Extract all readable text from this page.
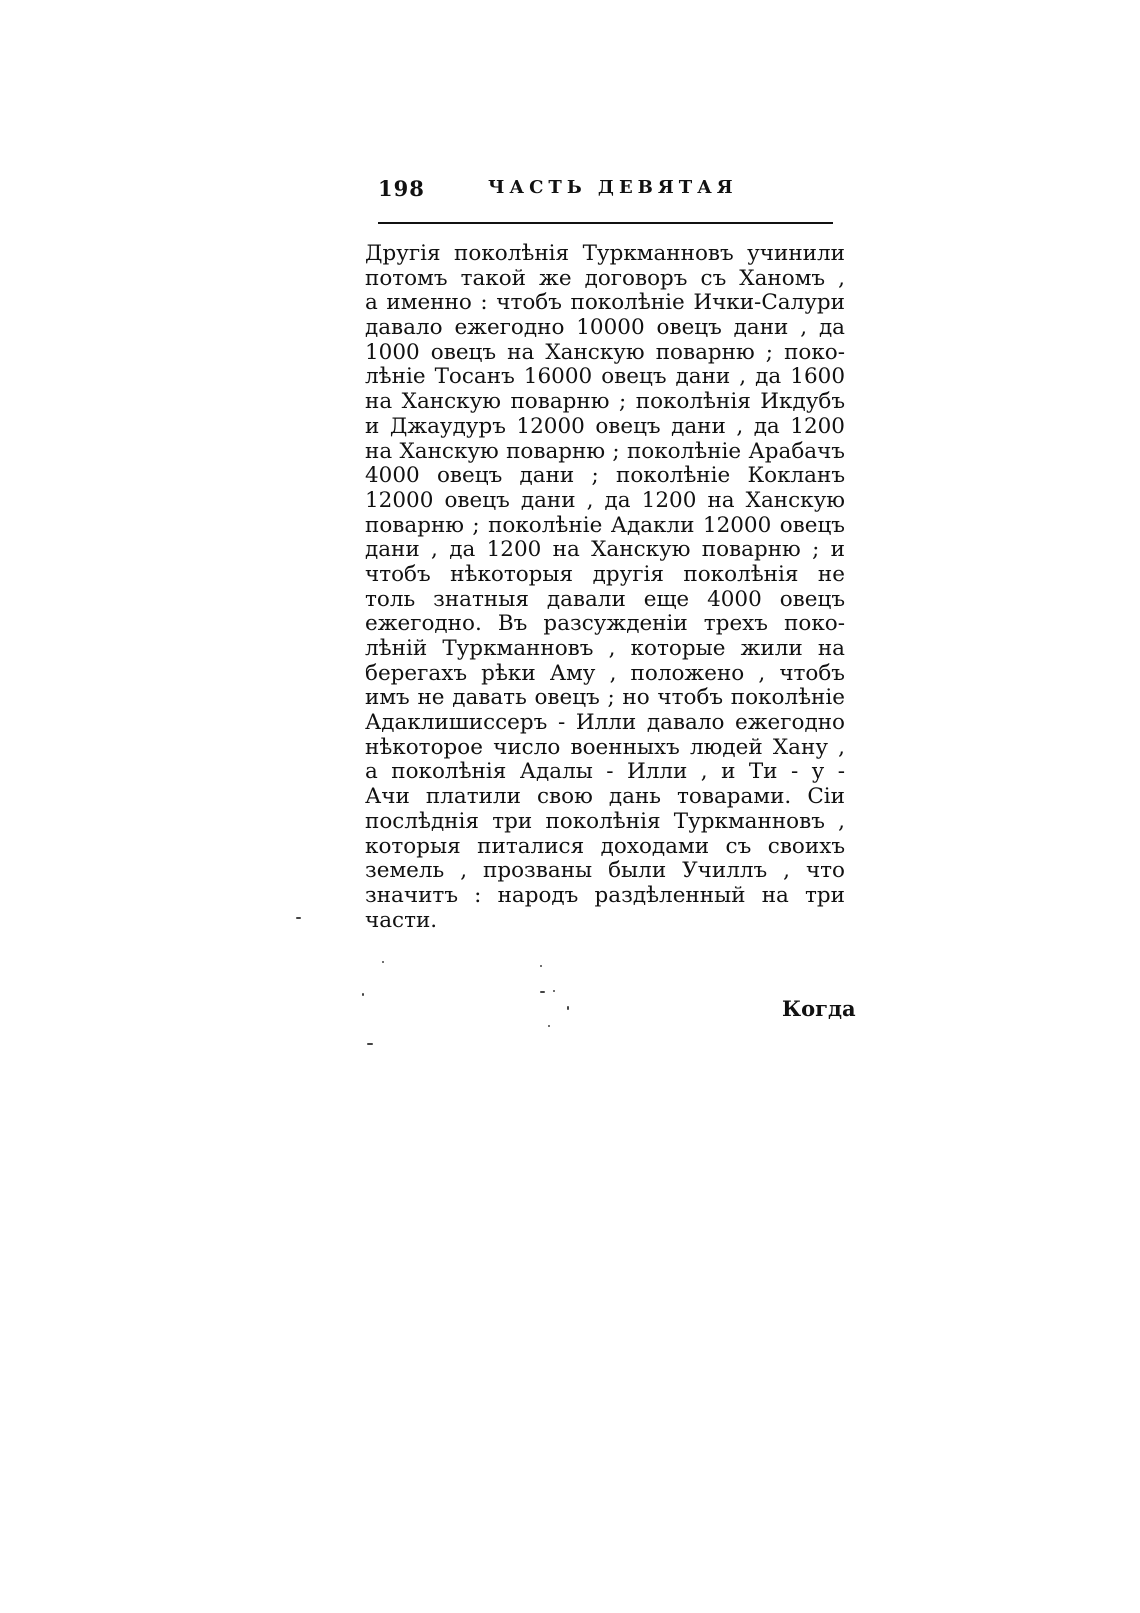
198	ЧАСТЬ ДЕВЯТАЯ
Другія поколѣнія Туркманновъ учинили
потомъ такой же договоръ съ Ханомъ ,
а именно : чтобъ поколѣніе Ички-Салури
давало ежегодно 10000 овецъ дани , да
1000 овецъ на Ханскую поварню ; поко-
лѣніе Тосанъ 16000 овецъ дани , да 1600
на Ханскую поварню ; поколѣнія Икдубъ
и Джаудуръ 12000 овецъ дани , да 1200
на Ханскую поварню ; поколѣніе Арабачъ
4000 овецъ дани ; поколѣніе Кокланъ
12000 овецъ дани , да 1200 на Ханскую
поварню ; поколѣніе Адакли 12000 овецъ
дани , да 1200 на Ханскую поварню ; и
чтобъ нѣкоторыя другія поколѣнія не
толь знатныя давали еще 4000 овецъ
ежегодно. Въ разсужденіи трехъ поко-
лѣній Туркманновъ , которые жили на
берегахъ рѣки Аму , положено , чтобъ
имъ не давать овецъ ; но чтобъ поколѣніе
Адаклишиссеръ - Илли давало ежегодно
нѣкоторое число военныхъ людей Хану ,
а поколѣнія Адалы - Илли , и Ти - у -
Ачи платили свою дань товарами. Сіи
послѣднія три поколѣнія Туркманновъ ,
которыя питалися доходами съ своихъ
земель , прозваны были Училлъ , что
значитъ : народъ раздѣленный на три
части.
Когда
